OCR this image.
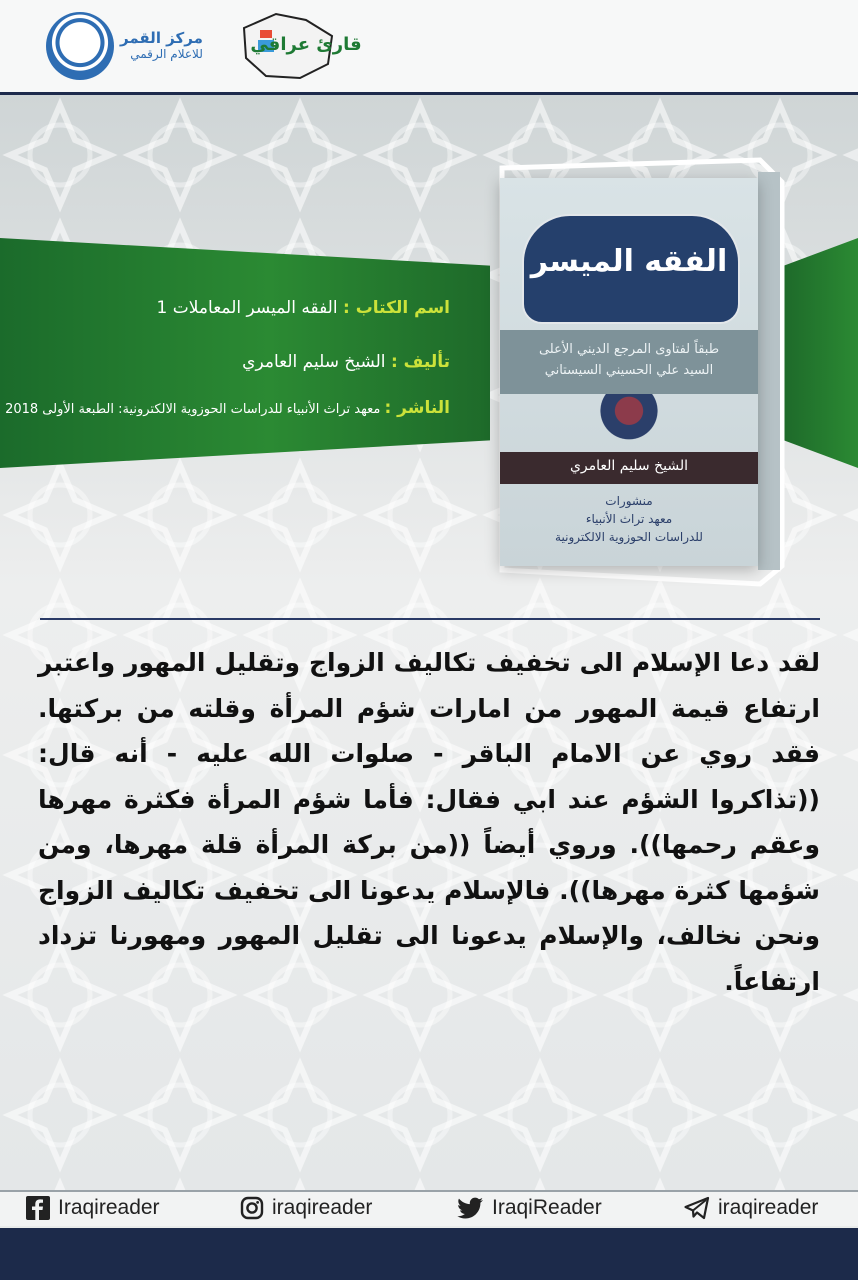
مركز القمر
للاعلام الرقمي	قارئ عراقي
اسم الكتاب : الفقه الميسر المعاملات 1
تأليف : الشيخ سليم العامري
الناشر : معهد تراث الأنبياء للدراسات الحوزوية الالكترونية: الطبعة الأولى 2018
الفقه الميسر
طبقاً لفتاوى المرجع الديني الأعلى
السيد علي الحسيني السيستاني
الشيخ سليم العامري
منشورات
معهد تراث الأنبياء
للدراسات الحوزوية الالكترونية
لقد دعا الإسلام الى تخفيف تكاليف الزواج وتقليل المهور واعتبر ارتفاع قيمة المهور من امارات شؤم المرأة وقلته من بركتها. فقد روي عن الامام الباقر - صلوات الله عليه - أنه قال: ((تذاكروا الشؤم عند ابي فقال: فأما شؤم المرأة فكثرة مهرها وعقم رحمها)). وروي أيضاً ((من بركة المرأة قلة مهرها، ومن شؤمها كثرة مهرها)). فالإسلام يدعونا الى تخفيف تكاليف الزواج ونحن نخالف، والإسلام يدعونا الى تقليل المهور ومهورنا تزداد ارتفاعاً.
Iraqireader	iraqireader	IraqiReader	iraqireader
